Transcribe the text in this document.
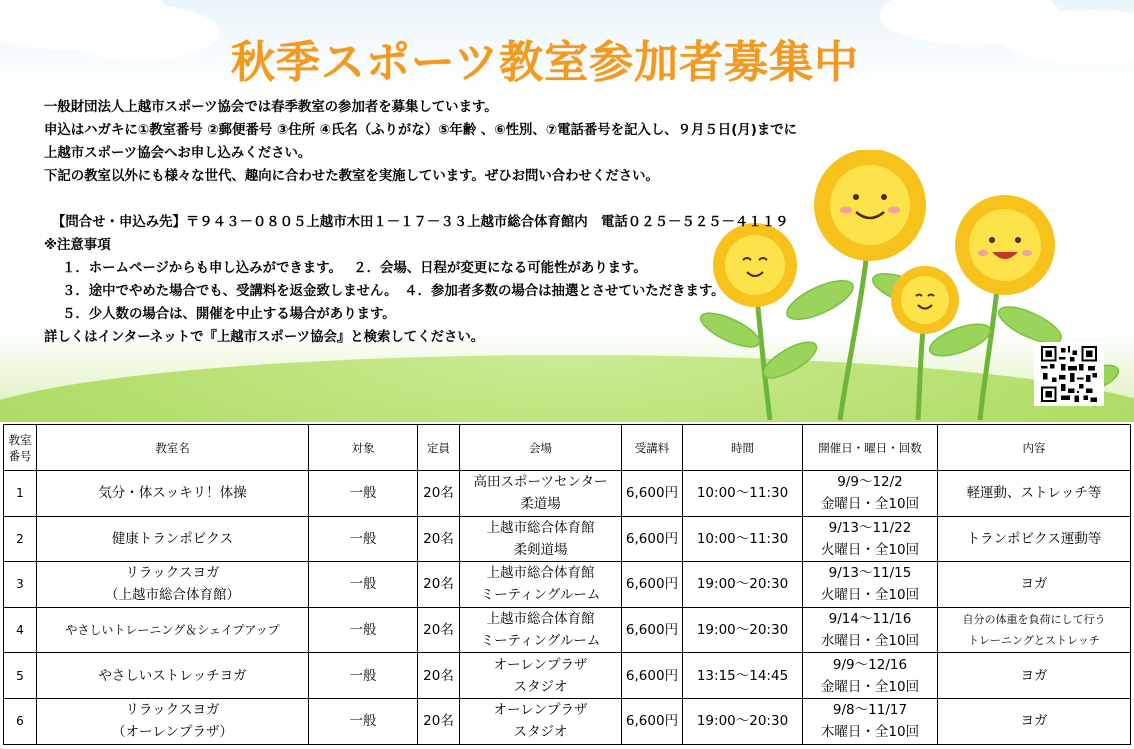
秋季スポーツ教室参加者募集中

一般財団法人上越市スポーツ協会では春季教室の参加者を募集しています。

申込はハガキに①教室番号 ②郵便番号 ③住所 ④氏名（ふりがな）⑤年齢 、⑥性別、⑦電話番号を記入し、９月５日(月)までに

上越市スポーツ協会へお申し込みください。

下記の教室以外にも様々な世代、趣向に合わせた教室を実施しています。ぜひお問い合わせください。

【問合せ・申込み先】〒９４３－０８０５上越市木田１－１７－３３上越市総合体育館内　電話０２５－５２５－４１１９

※注意事項

１．ホームページからも申し込みができます。　 ２．会場、日程が変更になる可能性があります。

３．途中でやめた場合でも、受講料を返金致しません。　４．参加者多数の場合は抽選とさせていただきます。

５．少人数の場合は、開催を中止する場合があります。

詳しくはインターネットで『上越市スポーツ協会』と検索してください。

教室
番号	教室名	対象	定員	会場	受講料	時間	開催日・曜日・回数	内容
1	気分・体スッキリ！体操	一般	20名	高田スポーツセンター
柔道場	6,600円	10:00～11:30	9/9～12/2
金曜日・全10回	軽運動、ストレッチ等
2	健康トランポビクス	一般	20名	上越市総合体育館
柔剣道場	6,600円	10:00～11:30	9/13～11/22
火曜日・全10回	トランポビクス運動等
3	リラックスヨガ
（上越市総合体育館）	一般	20名	上越市総合体育館
ミーティングルーム	6,600円	19:00～20:30	9/13～11/15
火曜日・全10回	ヨガ
4	やさしいトレーニング＆シェイプアップ	一般	20名	上越市総合体育館
ミーティングルーム	6,600円	19:00～20:30	9/14～11/16
水曜日・全10回	自分の体重を負荷にして行う
トレーニングとストレッチ
5	やさしいストレッチヨガ	一般	20名	オーレンプラザ
スタジオ	6,600円	13:15～14:45	9/9～12/16
金曜日・全10回	ヨガ
6	リラックスヨガ
（オーレンプラザ）	一般	20名	オーレンプラザ
スタジオ	6,600円	19:00～20:30	9/8～11/17
木曜日・全10回	ヨガ
